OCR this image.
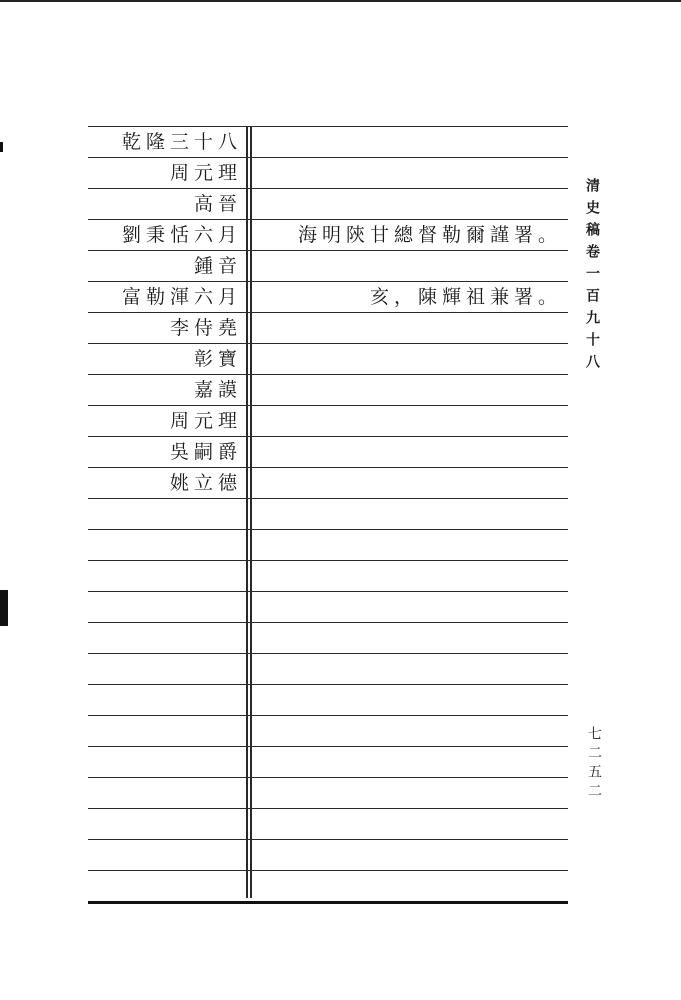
清史稿卷一百九十八
七二五二
乾隆三十八
周元理
高晉
劉秉恬六月	海明陝甘總督勒爾謹署。
鍾音
富勒渾六月	亥，陳輝祖兼署。
李侍堯
彰寶
嘉謨
周元理
吳嗣爵
姚立德
